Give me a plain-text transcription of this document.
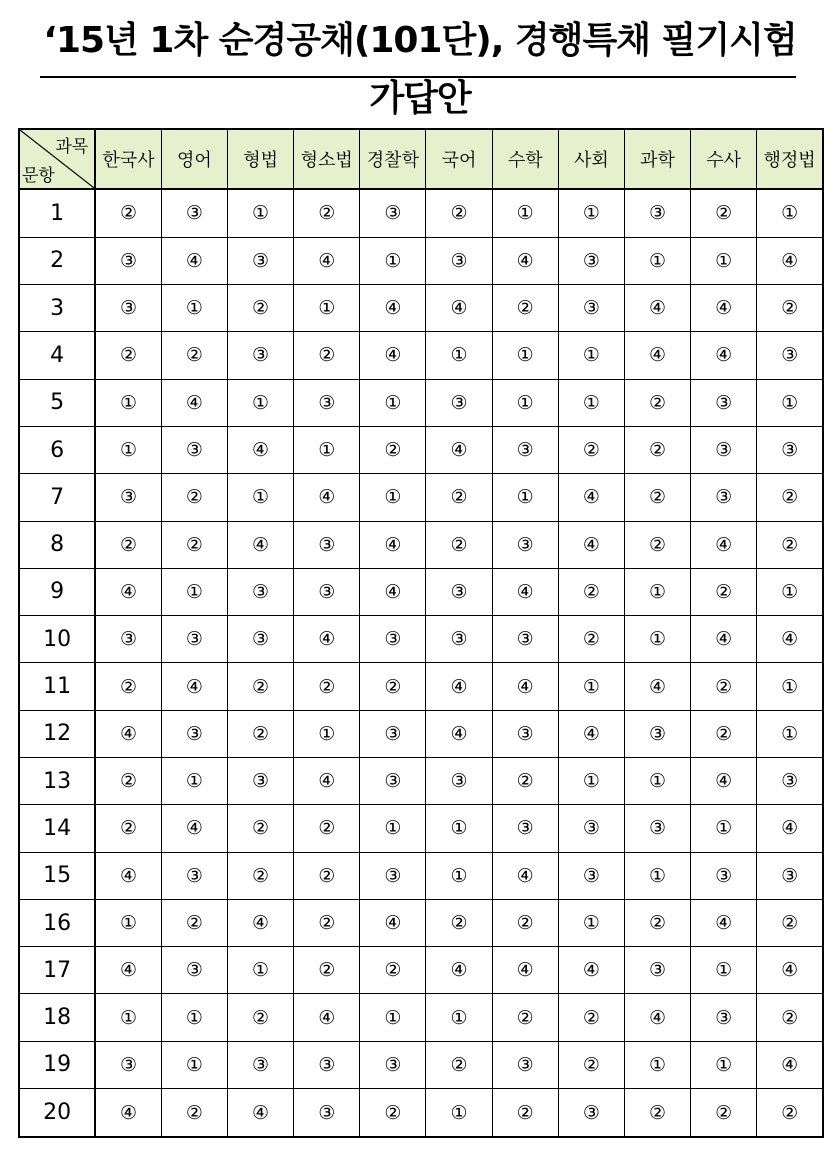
‘15년 1차 순경공채(101단), 경행특채 필기시험 가답안
과목
문항	한국사	영어	형법	형소법	경찰학	국어	수학	사회	과학	수사	행정법
1	②	③	①	②	③	②	①	①	③	②	①
2	③	④	③	④	①	③	④	③	①	①	④
3	③	①	②	①	④	④	②	③	④	④	②
4	②	②	③	②	④	①	①	①	④	④	③
5	①	④	①	③	①	③	①	①	②	③	①
6	①	③	④	①	②	④	③	②	②	③	③
7	③	②	①	④	①	②	①	④	②	③	②
8	②	②	④	③	④	②	③	④	②	④	②
9	④	①	③	③	④	③	④	②	①	②	①
10	③	③	③	④	③	③	③	②	①	④	④
11	②	④	②	②	②	④	④	①	④	②	①
12	④	③	②	①	③	④	③	④	③	②	①
13	②	①	③	④	③	③	②	①	①	④	③
14	②	④	②	②	①	①	③	③	③	①	④
15	④	③	②	②	③	①	④	③	①	③	③
16	①	②	④	②	④	②	②	①	②	④	②
17	④	③	①	②	②	④	④	④	③	①	④
18	①	①	②	④	①	①	②	②	④	③	②
19	③	①	③	③	③	②	③	②	①	①	④
20	④	②	④	③	②	①	②	③	②	②	②
